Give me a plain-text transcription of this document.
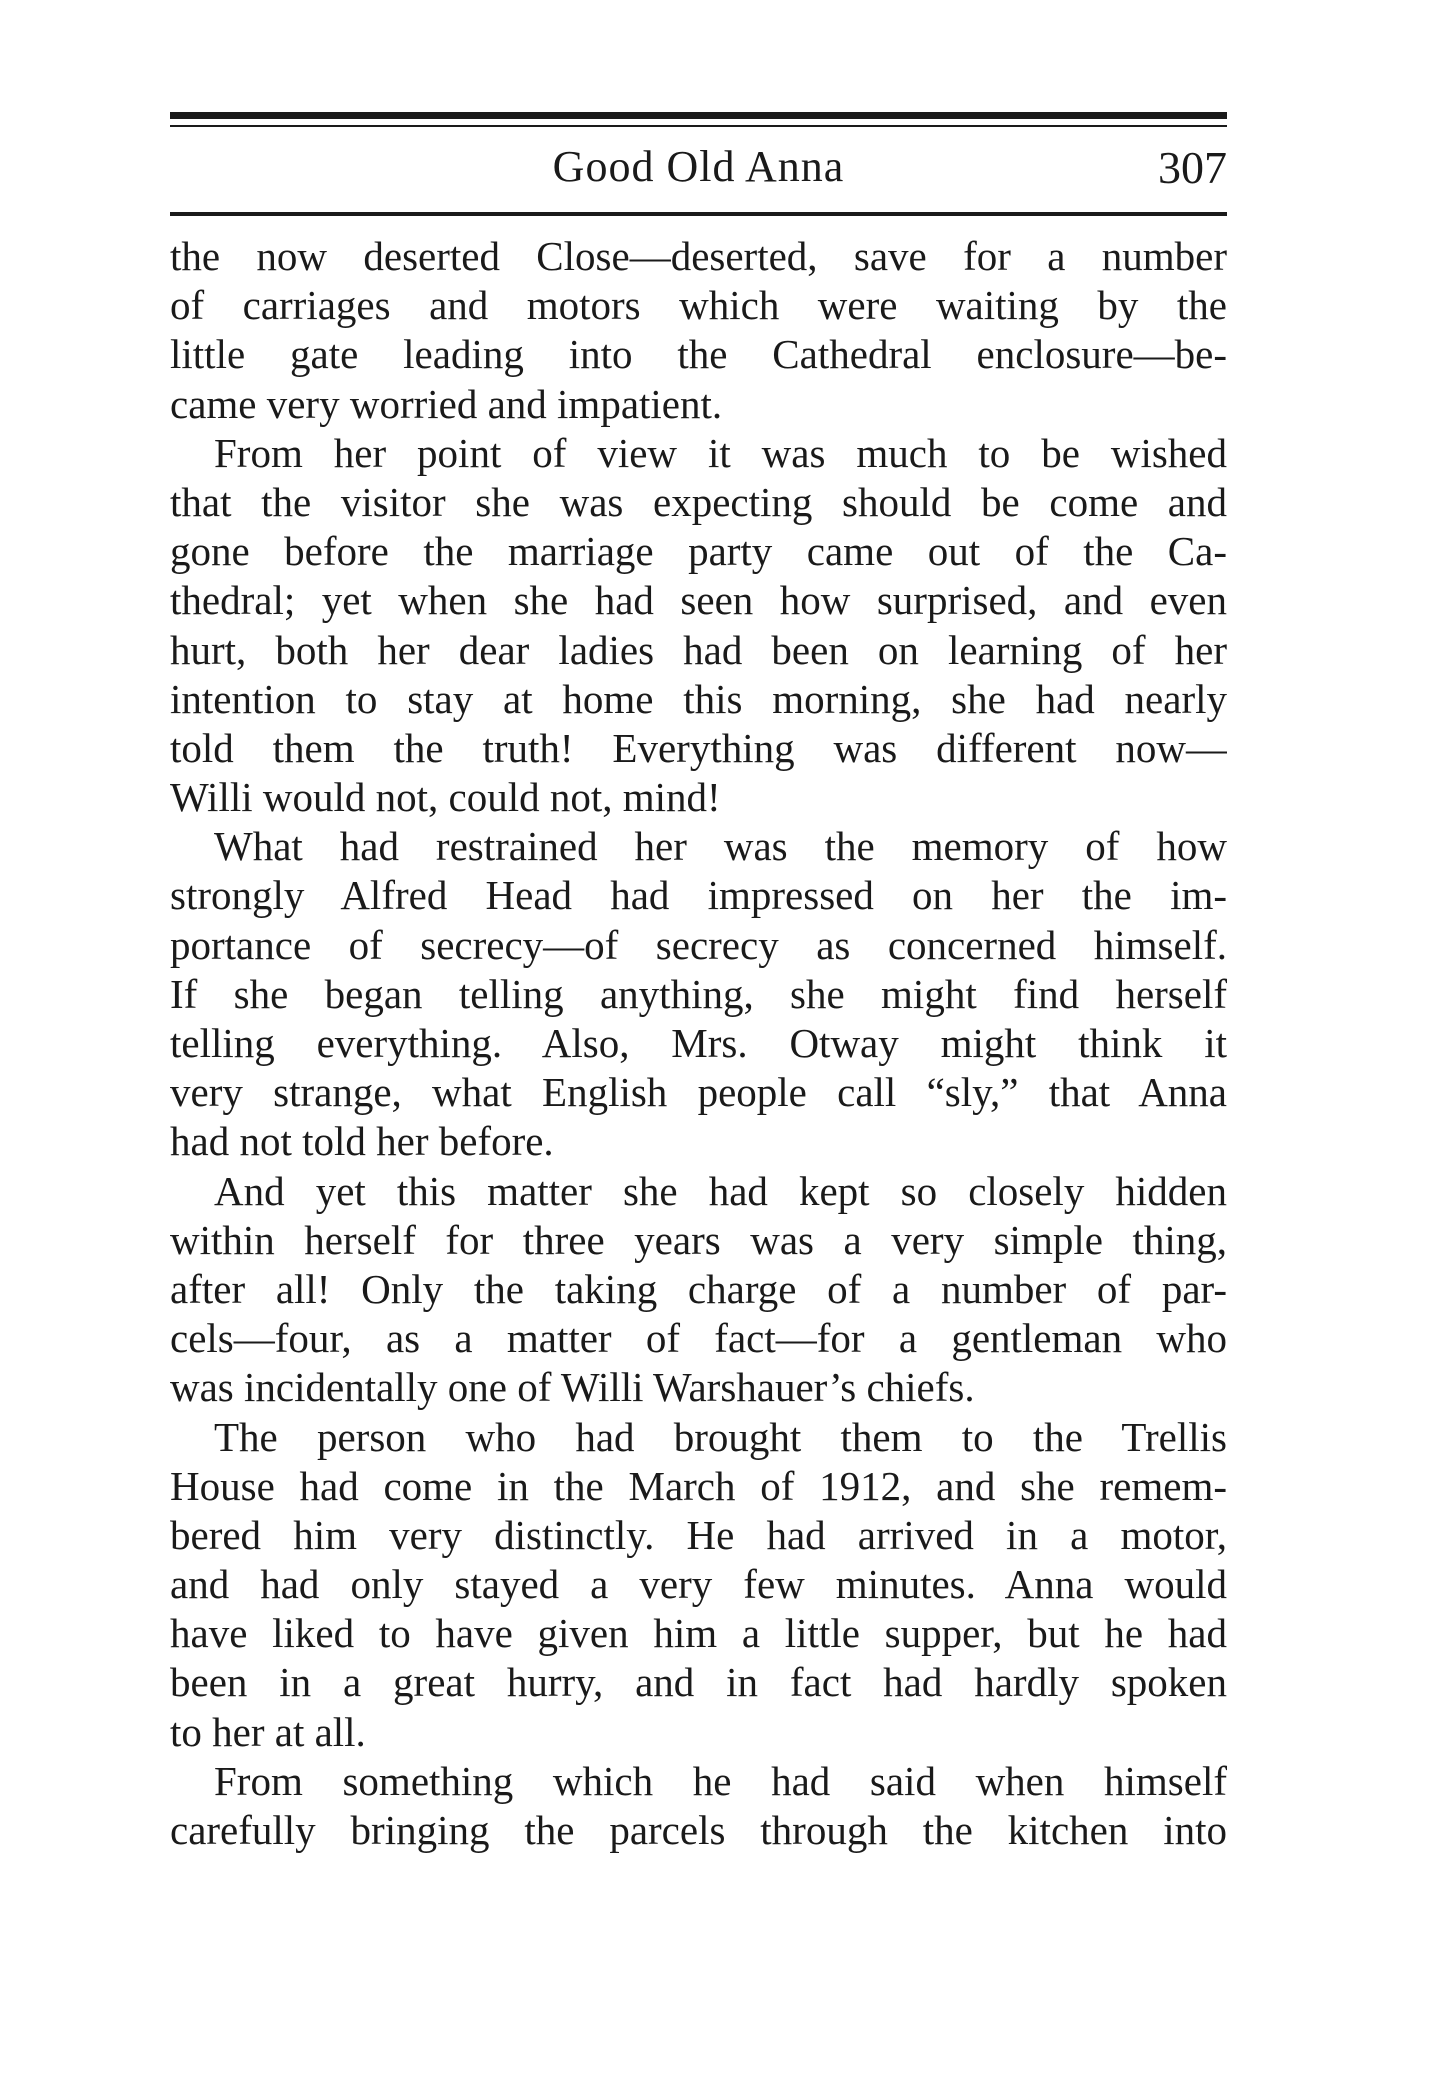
Good Old Anna	307
the now deserted Close—deserted, save for a number
of carriages and motors which were waiting by the
little gate leading into the Cathedral enclosure—be-
came very worried and impatient.
From her point of view it was much to be wished
that the visitor she was expecting should be come and
gone before the marriage party came out of the Ca-
thedral; yet when she had seen how surprised, and even
hurt, both her dear ladies had been on learning of her
intention to stay at home this morning, she had nearly
told them the truth! Everything was different now—
Willi would not, could not, mind!
What had restrained her was the memory of how
strongly Alfred Head had impressed on her the im-
portance of secrecy—of secrecy as concerned himself.
If she began telling anything, she might find herself
telling everything. Also, Mrs. Otway might think it
very strange, what English people call “sly,” that Anna
had not told her before.
And yet this matter she had kept so closely hidden
within herself for three years was a very simple thing,
after all! Only the taking charge of a number of par-
cels—four, as a matter of fact—for a gentleman who
was incidentally one of Willi Warshauer’s chiefs.
The person who had brought them to the Trellis
House had come in the March of 1912, and she remem-
bered him very distinctly. He had arrived in a motor,
and had only stayed a very few minutes. Anna would
have liked to have given him a little supper, but he had
been in a great hurry, and in fact had hardly spoken
to her at all.
From something which he had said when himself
carefully bringing the parcels through the kitchen into
